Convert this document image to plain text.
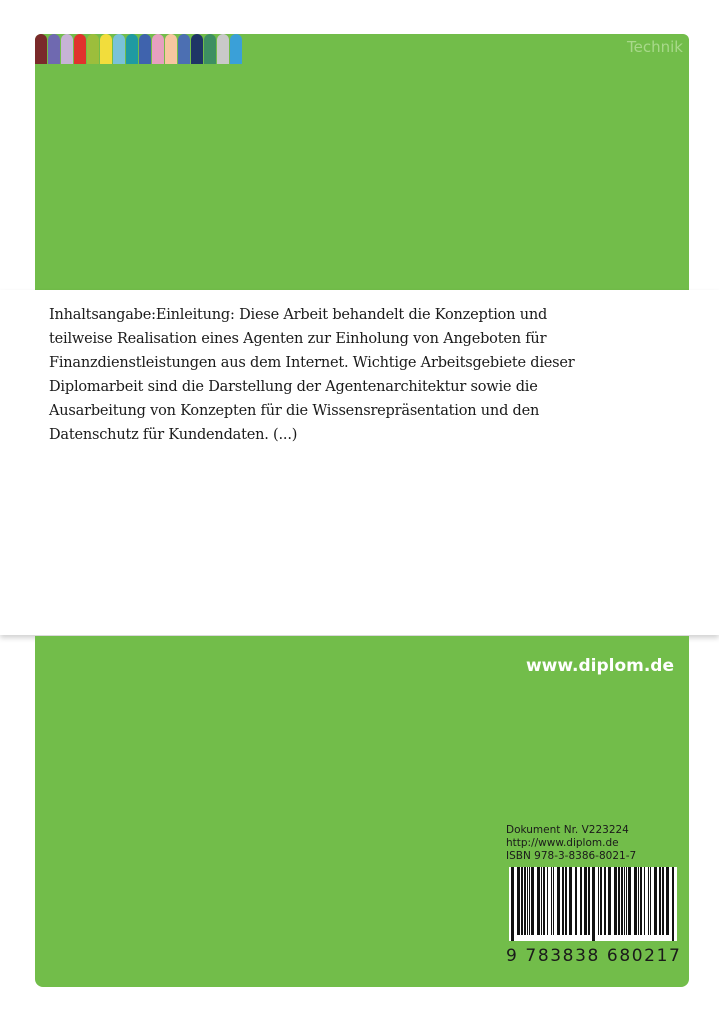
Technik
Inhaltsangabe:Einleitung: Diese Arbeit behandelt die Konzeption und teilweise Realisation eines Agenten zur Einholung von Angeboten für Finanzdienstleistungen aus dem Internet. Wichtige Arbeitsgebiete dieser Diplomarbeit sind die Darstellung der Agentenarchitektur sowie die Ausarbeitung von Konzepten für die Wissensrepräsentation und den Datenschutz für Kundendaten. (...)
www.diplom.de
Dokument Nr. V223224
http://www.diplom.de
ISBN 978-3-8386-8021-7
9 783838 680217
